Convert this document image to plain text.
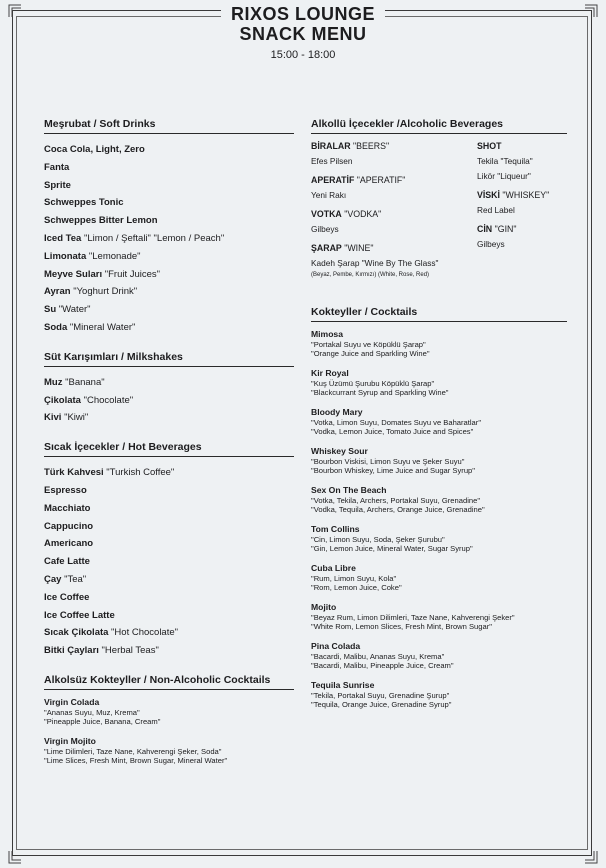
RIXOS LOUNGE
SNACK MENU
15:00 - 18:00
Meşrubat / Soft Drinks
Coca Cola, Light, Zero
Fanta
Sprite
Schweppes Tonic
Schweppes Bitter Lemon
Iced Tea "Limon / Şeftali" "Lemon / Peach"
Limonata "Lemonade"
Meyve Suları "Fruit Juices"
Ayran "Yoghurt Drink"
Su "Water"
Soda "Mineral Water"
Süt Karışımları / Milkshakes
Muz "Banana"
Çikolata "Chocolate"
Kivi "Kiwi"
Sıcak İçecekler / Hot Beverages
Türk Kahvesi "Turkish Coffee"
Espresso
Macchiato
Cappucino
Americano
Cafe Latte
Çay "Tea"
Ice Coffee
Ice Coffee Latte
Sıcak Çikolata "Hot Chocolate"
Bitki Çayları "Herbal Teas"
Alkolsüz Kokteyller / Non-Alcoholic Cocktails
Virgin Colada
"Ananas Suyu, Muz, Krema"
"Pineapple Juice, Banana, Cream"
Virgin Mojito
"Lime Dilimleri, Taze Nane, Kahverengi Şeker, Soda"
"Lime Slices, Fresh Mint, Brown Sugar, Mineral Water"
Alkollü İçecekler /Alcoholic Beverages
BİRALAR "BEERS"
Efes Pilsen
APERATİF "APERATIF"
Yeni Rakı
VOTKA "VODKA"
Gilbeys
ŞARAP "WINE"
Kadeh Şarap "Wine By The Glass"
(Beyaz, Pembe, Kırmızı) (White, Rose, Red)
SHOT
Tekila "Tequila"
Likör "Liqueur"
VİSKİ "WHISKEY"
Red Label
CİN "GIN"
Gilbeys
Kokteyller / Cocktails
Mimosa
"Portakal Suyu ve Köpüklü Şarap"
"Orange Juice and Sparkling Wine"
Kir Royal
"Kuş Üzümü Şurubu Köpüklü Şarap"
"Blackcurrant Syrup and Sparkling Wine"
Bloody Mary
"Votka, Limon Suyu, Domates Suyu ve Baharatlar"
"Vodka, Lemon Juice, Tomato Juice and Spices"
Whiskey Sour
"Bourbon Viskisi, Limon Suyu ve Şeker Suyu"
"Bourbon Whiskey, Lime Juice and Sugar Syrup"
Sex On The Beach
"Votka, Tekila, Archers, Portakal Suyu, Grenadine"
"Vodka, Tequila, Archers, Orange Juice, Grenadine"
Tom Collins
"Cin, Limon Suyu, Soda, Şeker Şurubu"
"Gin, Lemon Juice, Mineral Water, Sugar Syrup"
Cuba Libre
"Rum, Limon Suyu, Kola"
"Rom, Lemon Juice, Coke"
Mojito
"Beyaz Rum, Limon Dilimleri, Taze Nane, Kahverengi Şeker"
"White Rom, Lemon Slices, Fresh Mint, Brown Sugar"
Pina Colada
"Bacardi, Malibu, Ananas Suyu, Krema"
"Bacardi, Malibu, Pineapple Juice, Cream"
Tequila Sunrise
"Tekila, Portakal Suyu, Grenadine Şurup"
"Tequila, Orange Juice, Grenadine Syrup"
